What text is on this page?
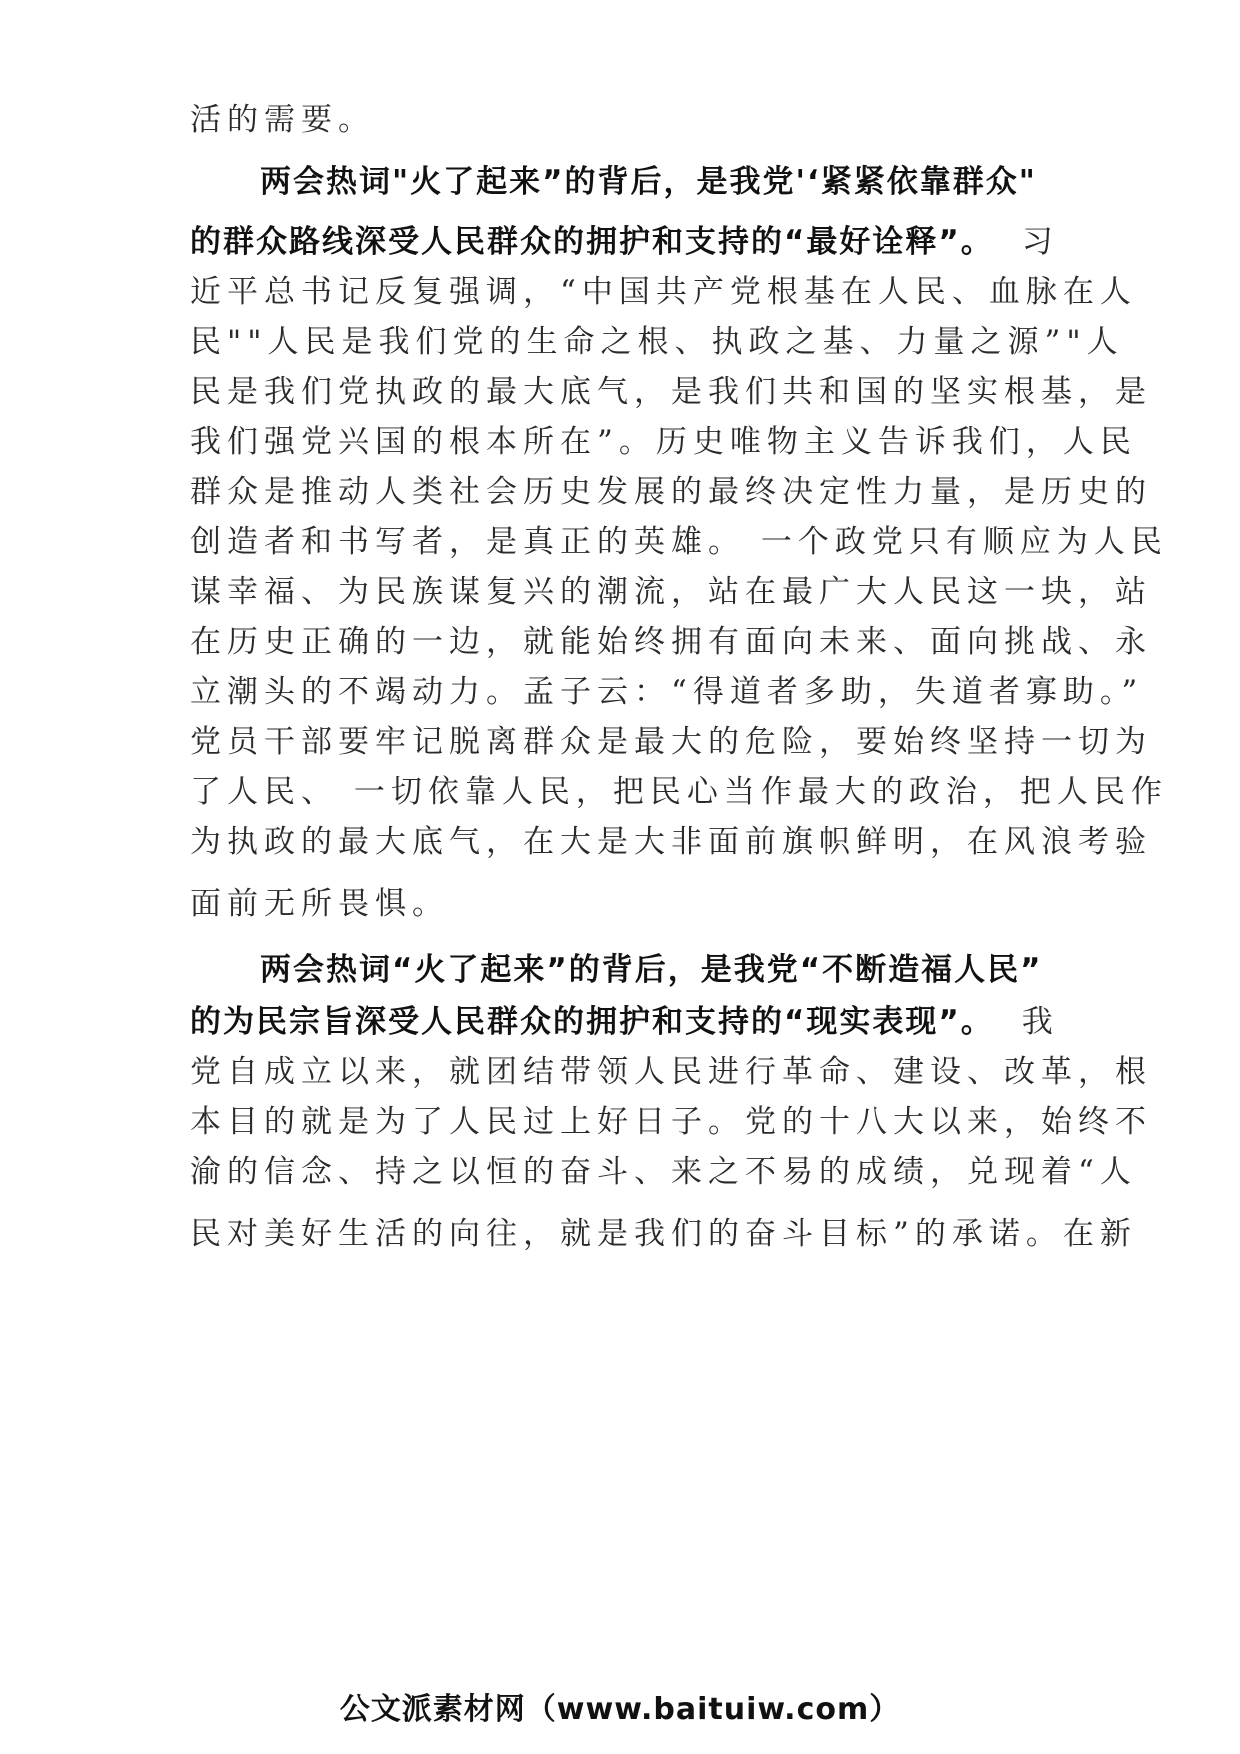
活的需要。
两会热词"火了起来”的背后，是我党'‘紧紧依靠群众"
的群众路线深受人民群众的拥护和支持的“最好诠释”。 习
近平总书记反复强调，“中国共产党根基在人民、血脉在人
民""人民是我们党的生命之根、执政之基、力量之源”"人
民是我们党执政的最大底气，是我们共和国的坚实根基，是
我们强党兴国的根本所在”。历史唯物主义告诉我们，人民
群众是推动人类社会历史发展的最终决定性力量，是历史的
创造者和书写者，是真正的英雄。 一个政党只有顺应为人民
谋幸福、为民族谋复兴的潮流，站在最广大人民这一块，站
在历史正确的一边，就能始终拥有面向未来、面向挑战、永
立潮头的不竭动力。孟子云：“得道者多助，失道者寡助。”
党员干部要牢记脱离群众是最大的危险，要始终坚持一切为
了人民、 一切依靠人民，把民心当作最大的政治，把人民作
为执政的最大底气，在大是大非面前旗帜鲜明，在风浪考验
面前无所畏惧。
两会热词“火了起来”的背后，是我党“不断造福人民”
的为民宗旨深受人民群众的拥护和支持的“现实表现”。 我
党自成立以来，就团结带领人民进行革命、建设、改革，根
本目的就是为了人民过上好日子。党的十八大以来，始终不
渝的信念、持之以恒的奋斗、来之不易的成绩，兑现着“人
民对美好生活的向往，就是我们的奋斗目标”的承诺。在新
公文派素材网（www.baituiw.com）
